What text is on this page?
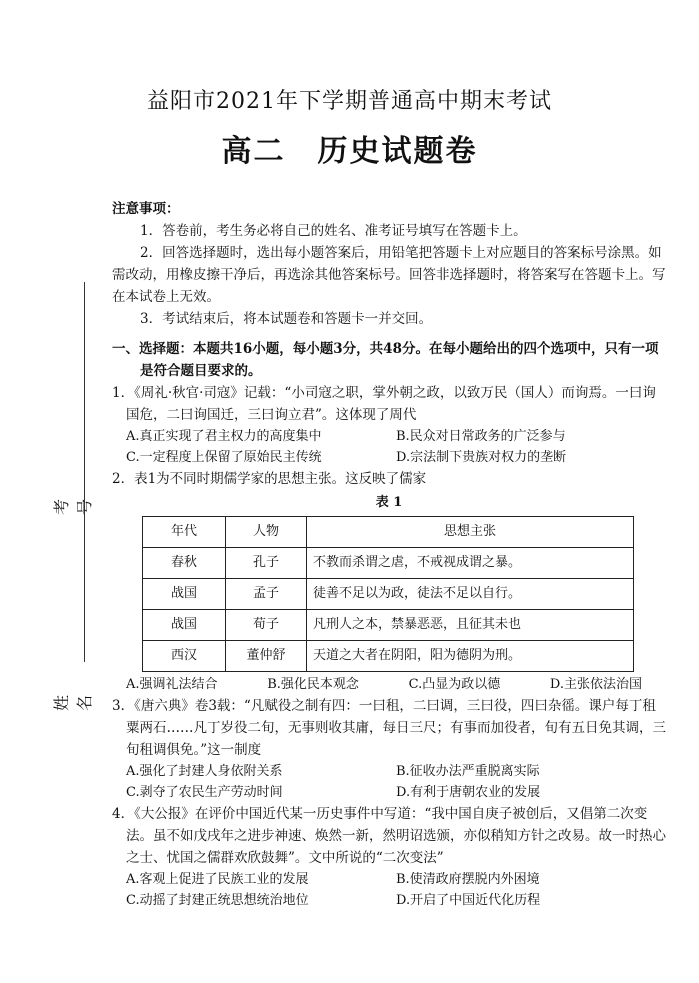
考号
姓名
益阳市2021年下学期普通高中期末考试
高二　历史试题卷

注意事项：

1．答卷前，考生务必将自己的姓名、准考证号填写在答题卡上。

2．回答选择题时，选出每小题答案后，用铅笔把答题卡上对应题目的答案标号涂黑。如需改动，用橡皮擦干净后，再选涂其他答案标号。回答非选择题时，将答案写在答题卡上。写在本试卷上无效。

3．考试结束后，将本试题卷和答题卡一并交回。

一、选择题：本题共16小题，每小题3分，共48分。在每小题给出的四个选项中，只有一项是符合题目要求的。

1．《周礼·秋官·司寇》记载：“小司寇之职，掌外朝之政，以致万民（国人）而询焉。一曰询国危，二曰询国迁，三曰询立君”。这体现了周代

A.真正实现了君主权力的高度集中	B.民众对日常政务的广泛参与
C.一定程度上保留了原始民主传统	D.宗法制下贵族对权力的垄断

2．表1为不同时期儒学家的思想主张。这反映了儒家

表 1
年代	人物	思想主张
春秋	孔子	不教而杀谓之虐，不戒视成谓之暴。
战国	孟子	徒善不足以为政，徒法不足以自行。
战国	荀子	凡刑人之本，禁暴恶恶，且征其未也
西汉	董仲舒	天道之大者在阴阳，阳为德阴为刑。
A.强调礼法结合	B.强化民本观念	C.凸显为政以德	D.主张依法治国

3．《唐六典》卷3载：“凡赋役之制有四：一曰租，二曰调，三曰役，四曰杂徭。课户每丁租粟两石……凡丁岁役二旬，无事则收其庸，每日三尺；有事而加役者，旬有五日免其调，三旬租调俱免。”这一制度

A.强化了封建人身依附关系	B.征收办法严重脱离实际
C.剥夺了农民生产劳动时间	D.有利于唐朝农业的发展

4．《大公报》在评价中国近代某一历史事件中写道：“我中国自庚子被创后，又倡第二次变法。虽不如戊戌年之进步神速、焕然一新，然明诏选颁，亦似稍知方针之改易。故一时热心之士、忧国之儒群欢欣鼓舞”。文中所说的“二次变法”

A.客观上促进了民族工业的发展	B.使清政府摆脱内外困境
C.动摇了封建正统思想统治地位	D.开启了中国近代化历程
